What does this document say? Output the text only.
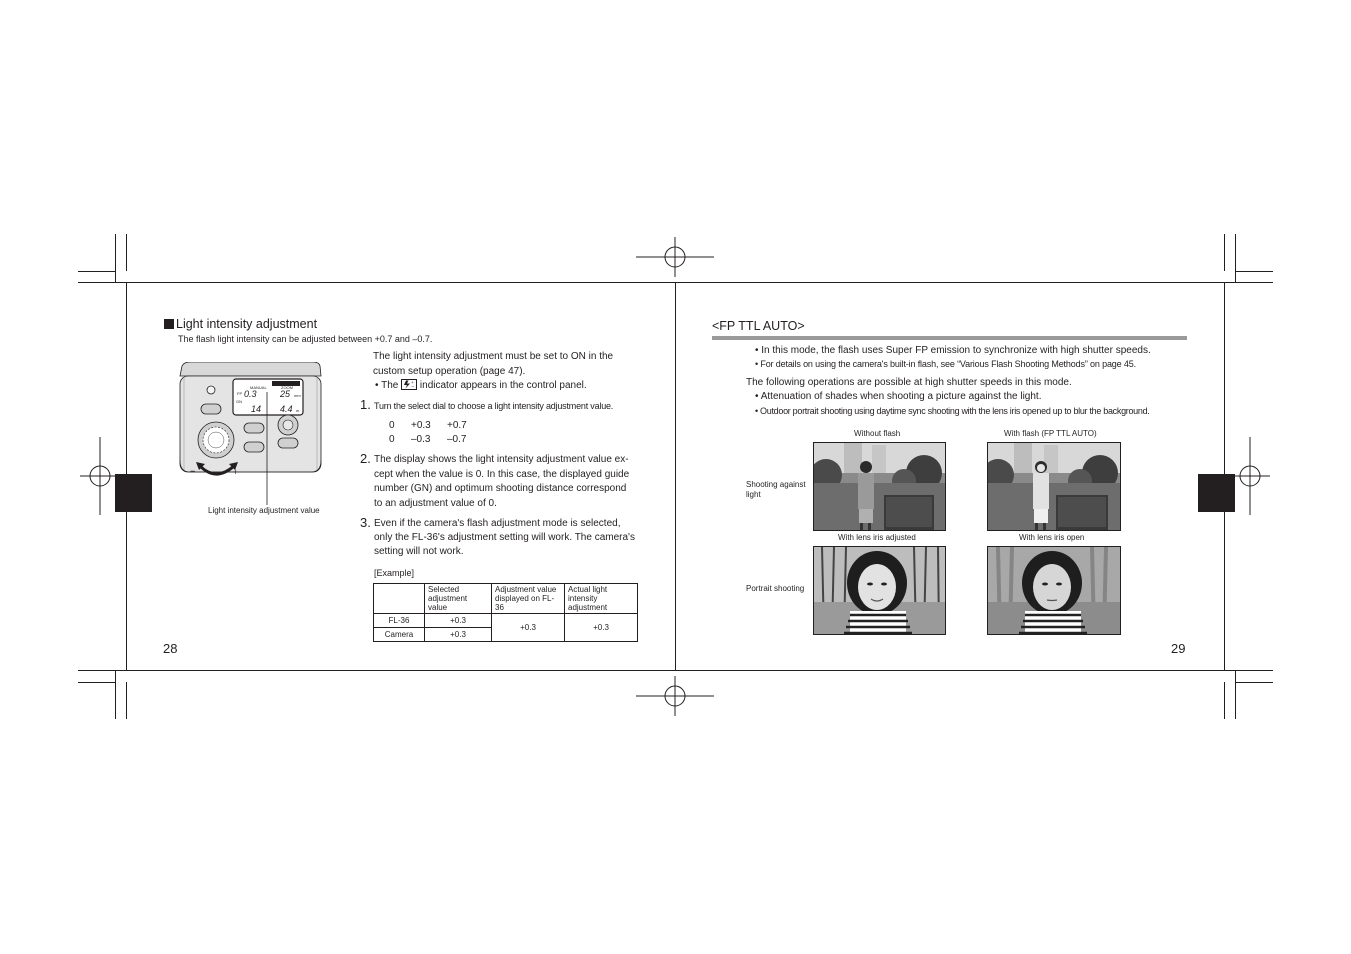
Light intensity adjustment
The flash light intensity can be adjusted between +0.7 and –0.7.
MANUAL	ZOOM
FP 0.3	25 mm
GN
14 4.4 m
−	+
Light intensity adjustment value
The light intensity adjustment must be set to ON in the
custom setup operation (page 47).
• The	+
− indicator appears in the control panel.
1. Turn the select dial to choose a light intensity adjustment value.
0 +0.3 +0.7
0 –0.3 –0.7
2. The display shows the light intensity adjustment value ex-
cept when the value is 0. In this case, the displayed guide
number (GN) and optimum shooting distance correspond
to an adjustment value of 0.
3. Even if the camera's flash adjustment mode is selected,
only the FL-36's adjustment setting will work. The camera's
setting will not work.
[Example]
	Selected adjustment value	Adjustment value displayed on FL-36	Actual light intensity adjustment
FL-36	+0.3	+0.3	+0.3
Camera	+0.3		
28
<FP TTL AUTO>
• In this mode, the flash uses Super FP emission to synchronize with high shutter speeds.
• For details on using the camera's built-in flash, see “Various Flash Shooting Methods” on page 45.
The following operations are possible at high shutter speeds in this mode.
• Attenuation of shades when shooting a picture against the light.
• Outdoor portrait shooting using daytime sync shooting with the lens iris opened up to blur the background.
Without flash	With flash (FP TTL AUTO)
Shooting against
light
Portrait shooting
With lens iris adjusted	With lens iris open
29
